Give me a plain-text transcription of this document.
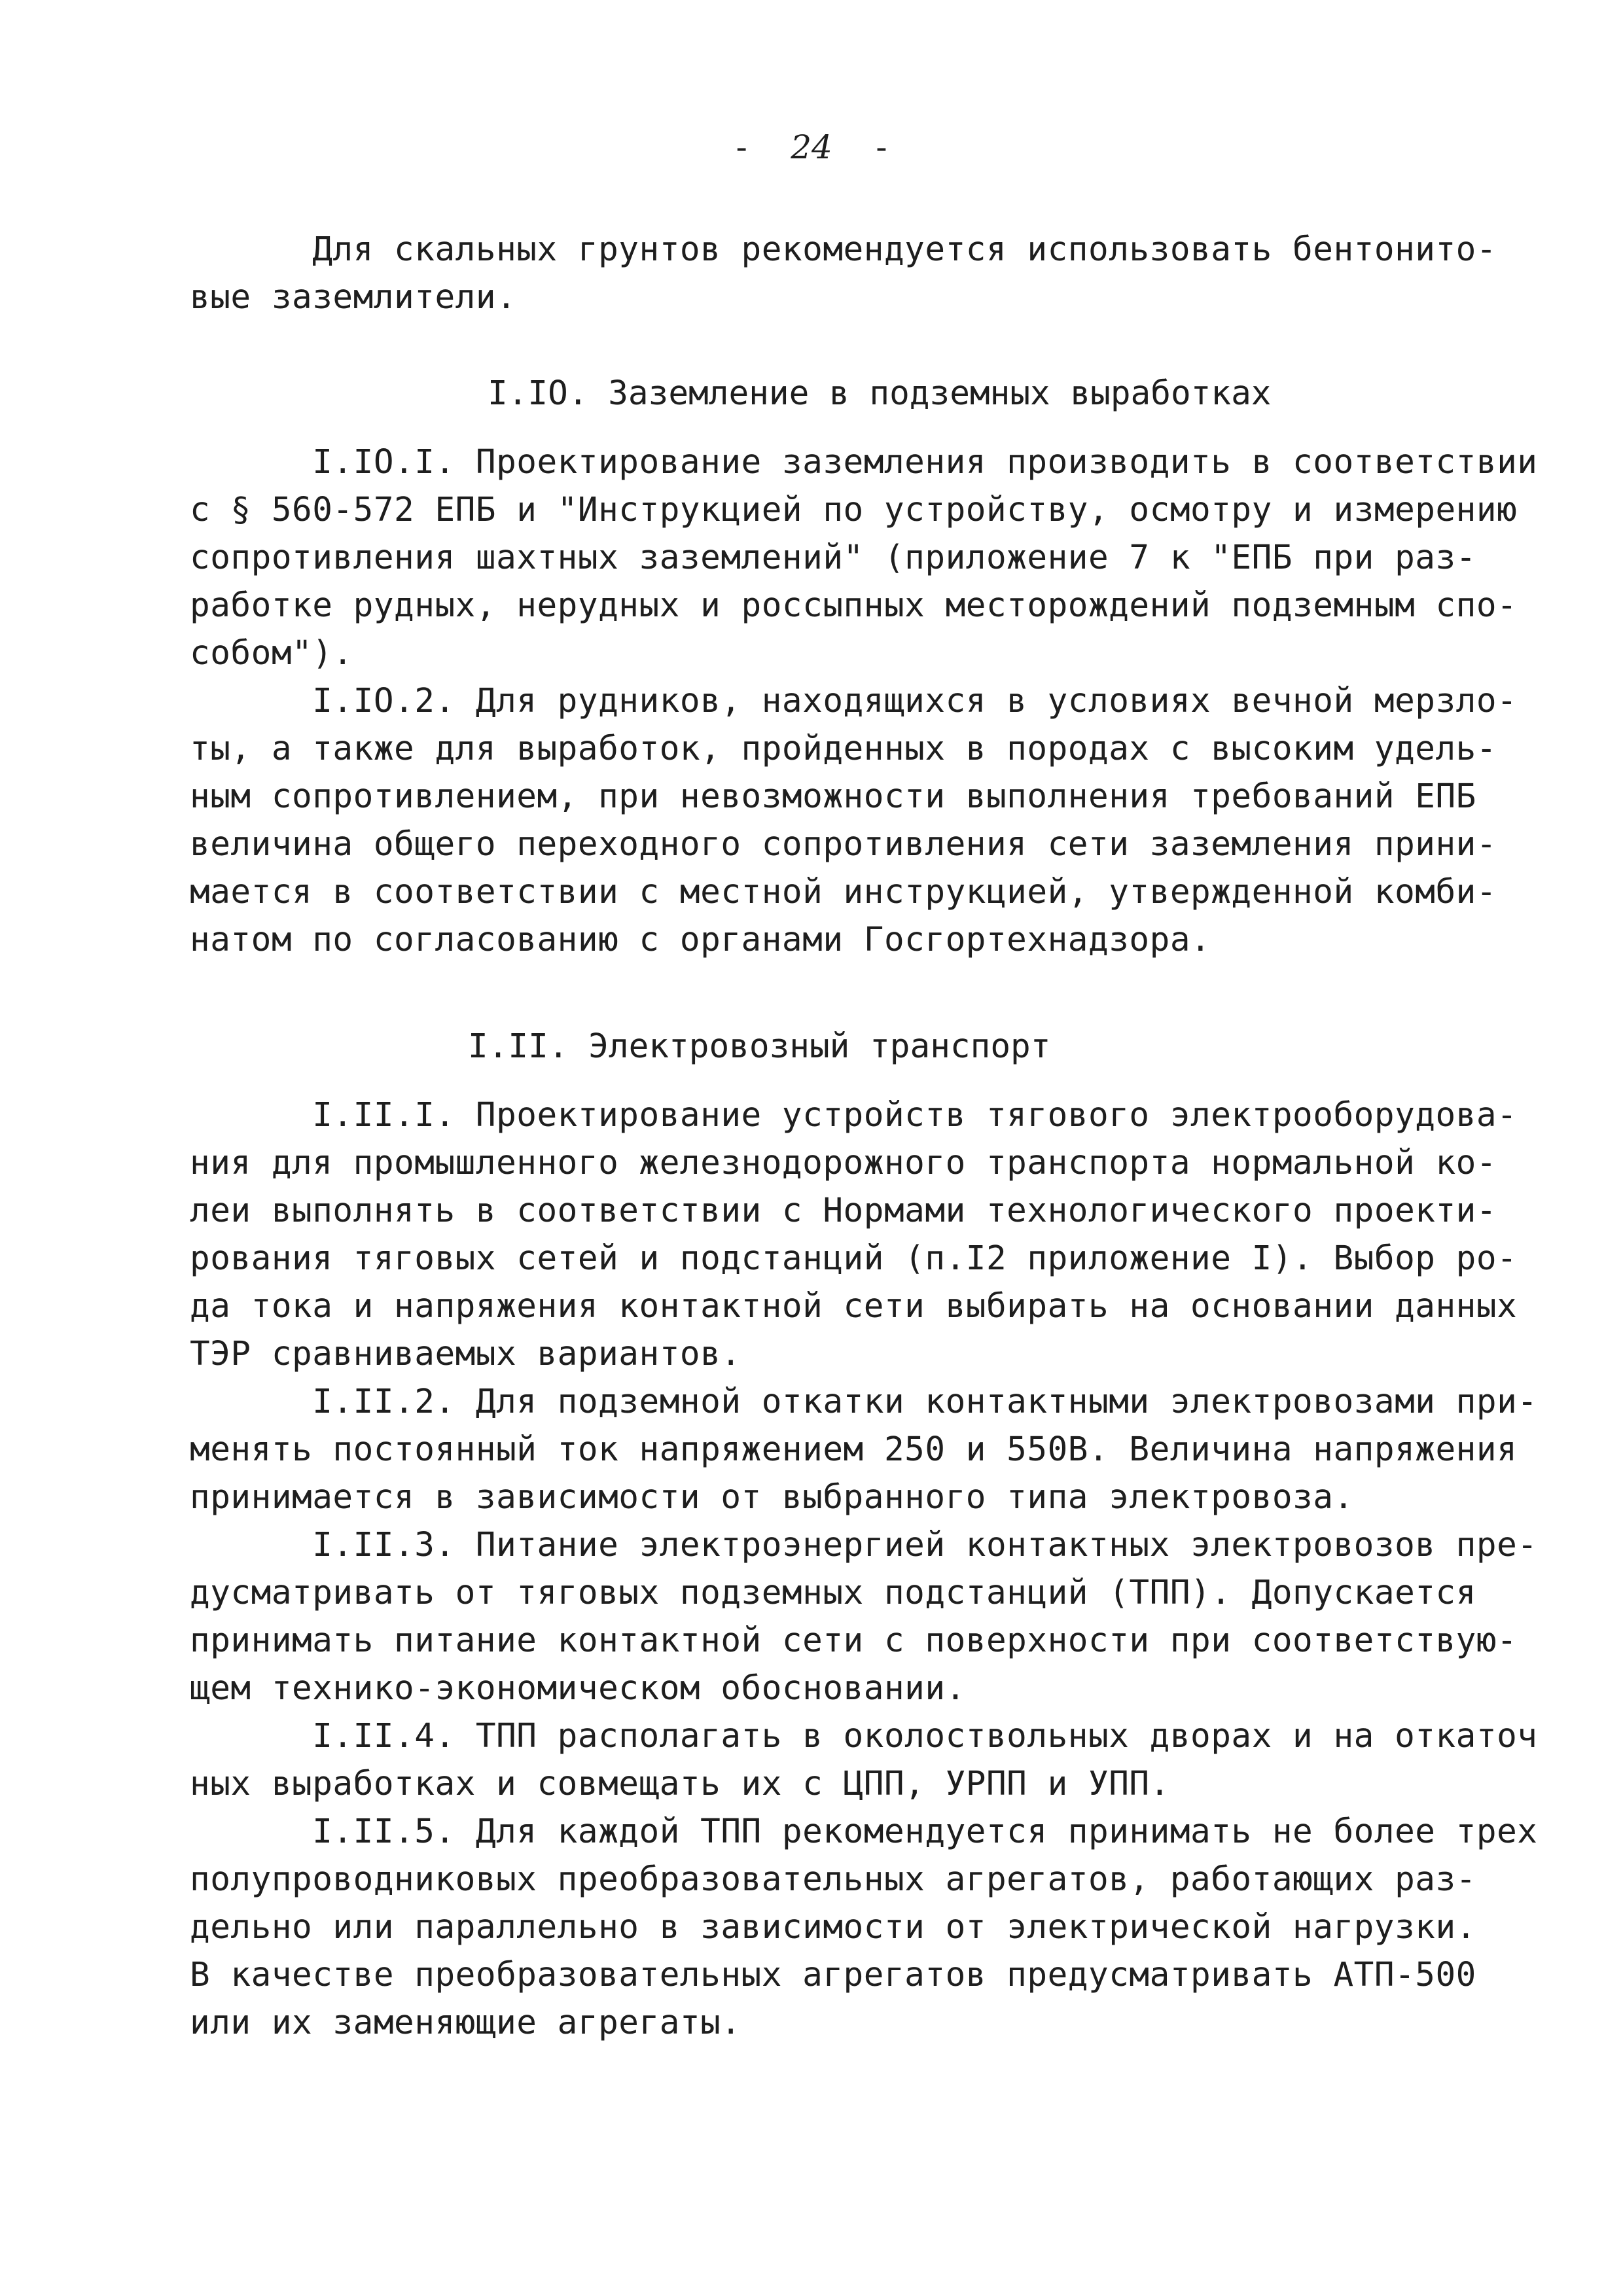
- 24 -
Для скальных грунтов рекомендуется использовать бентонито-
вые заземлители.
I.IO. Заземление в подземных выработках
I.IO.I. Проектирование заземления производить в соответствии
с § 560-572 ЕПБ и "Инструкцией по устройству, осмотру и измерению
сопротивления шахтных заземлений" (приложение 7 к "ЕПБ при раз-
работке рудных, нерудных и россыпных месторождений подземным спо-
собом").
I.IO.2. Для рудников, находящихся в условиях вечной мерзло-
ты, а также для выработок, пройденных в породах с высоким удель-
ным сопротивлением, при невозможности выполнения требований ЕПБ
величина общего переходного сопротивления сети заземления прини-
мается в соответствии с местной инструкцией, утвержденной комби-
натом по согласованию с органами Госгортехнадзора.
I.II. Электровозный транспорт
I.II.I. Проектирование устройств тягового электрооборудова-
ния для промышленного железнодорожного транспорта нормальной ко-
леи выполнять в соответствии с Нормами технологического проекти-
рования тяговых сетей и подстанций (п.I2 приложение I). Выбор ро-
да тока и напряжения контактной сети выбирать на основании данных
ТЭР сравниваемых вариантов.
I.II.2. Для подземной откатки контактными электровозами при-
менять постоянный ток напряжением 250 и 550В. Величина напряжения
принимается в зависимости от выбранного типа электровоза.
I.II.3. Питание электроэнергией контактных электровозов пре-
дусматривать от тяговых подземных подстанций (ТПП). Допускается
принимать питание контактной сети с поверхности при соответствую-
щем технико-экономическом обосновании.
I.II.4. ТПП располагать в околоствольных дворах и на откаточ
ных выработках и совмещать их с ЦПП, УРПП и УПП.
I.II.5. Для каждой ТПП рекомендуется принимать не более трех
полупроводниковых преобразовательных агрегатов, работающих раз-
дельно или параллельно в зависимости от электрической нагрузки.
В качестве преобразовательных агрегатов предусматривать АТП-500
или их заменяющие агрегаты.
